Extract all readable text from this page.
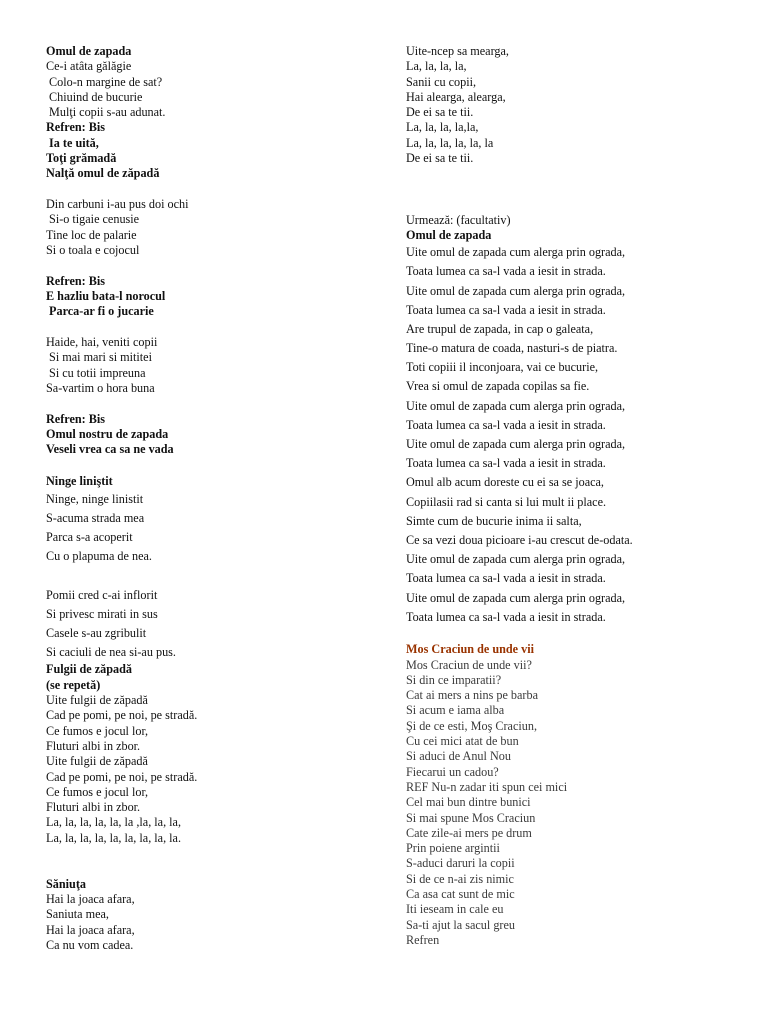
Omul de zapada
Ce-i atâta gălăgie
Colo-n margine de sat?
Chiuind de bucurie
Mulţi copii s-au adunat.
Refren: Bis
Ia te uită,
Toţi grămadă
Nalţă omul de zăpadă
Din carbuni i-au pus doi ochi
Si-o tigaie cenusie
Tine loc de palarie
Si o toala e cojocul
Refren: Bis
E hazliu bata-l norocul
Parca-ar fi o jucarie
Haide, hai, veniti copii
Si mai mari si mititei
Si cu totii impreuna
Sa-vartim o hora buna
Refren: Bis
Omul nostru de zapada
Veseli vrea ca sa ne vada
Ninge liniştit
Ninge, ninge linistit
S-acuma strada mea
Parca s-a acoperit
Cu o plapuma de nea.
Pomii cred c-ai inflorit
Si privesc mirati in sus
Casele s-au zgribulit
Si caciuli de nea si-au pus.
Fulgii de zăpadă
(se repetă)
Uite fulgii de zăpadă
Cad pe pomi, pe noi, pe stradă.
Ce fumos e jocul lor,
Fluturi albi in zbor.
Uite fulgii de zăpadă
Cad pe pomi, pe noi, pe stradă.
Ce fumos e jocul lor,
Fluturi albi in zbor.
La, la, la, la, la, la ,la, la, la,
La, la, la, la, la, la, la, la, la.
Săniuţa
Hai la joaca afara,
Saniuta mea,
Hai la joaca afara,
Ca nu vom cadea.
Uite-ncep sa mearga,
La, la, la, la,
Sanii cu copii,
Hai alearga, alearga,
De ei sa te tii.
La, la, la, la,la,
La, la, la, la, la, la
De ei sa te tii.
Urmează: (facultativ)
Omul de zapada
Uite omul de zapada cum alerga prin ograda,
Toata lumea ca sa-l vada a iesit in strada.
Uite omul de zapada cum alerga prin ograda,
Toata lumea ca sa-l vada a iesit in strada.
Are trupul de zapada, in cap o galeata,
Tine-o matura de coada, nasturi-s de piatra.
Toti copiii il inconjoara, vai ce bucurie,
Vrea si omul de zapada copilas sa fie.
Uite omul de zapada cum alerga prin ograda,
Toata lumea ca sa-l vada a iesit in strada.
Uite omul de zapada cum alerga prin ograda,
Toata lumea ca sa-l vada a iesit in strada.
Omul alb acum doreste cu ei sa se joaca,
Copiilasii rad si canta si lui mult ii place.
Simte cum de bucurie inima ii salta,
Ce sa vezi doua picioare i-au crescut de-odata.
Uite omul de zapada cum alerga prin ograda,
Toata lumea ca sa-l vada a iesit in strada.
Uite omul de zapada cum alerga prin ograda,
Toata lumea ca sa-l vada a iesit in strada.
Mos Craciun de unde vii
Mos Craciun de unde vii?
Si din ce imparatii?
Cat ai mers a nins pe barba
Si acum e iama alba
Şi de ce esti, Moş Craciun,
Cu cei mici atat de bun
Si aduci de Anul Nou
Fiecarui un cadou?
REF Nu-n zadar iti spun cei mici
Cel mai bun dintre bunici
Si mai spune Mos Craciun
Cate zile-ai mers pe drum
Prin poiene argintii
S-aduci daruri la copii
Si de ce n-ai zis nimic
Ca asa cat sunt de mic
Iti ieseam in cale eu
Sa-ti ajut la sacul greu
Refren
